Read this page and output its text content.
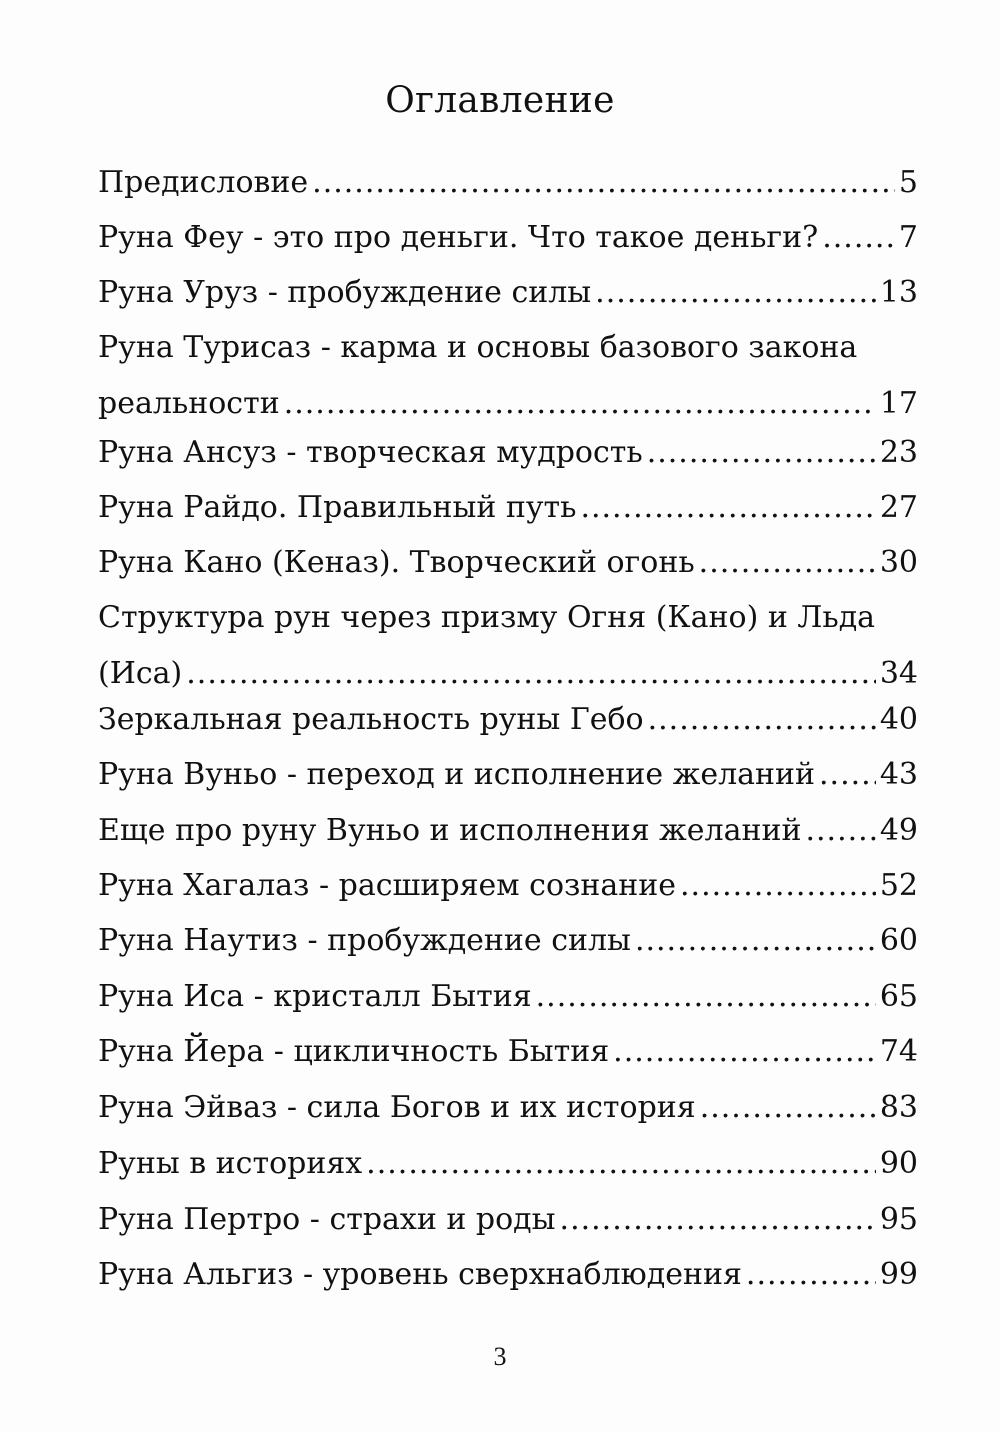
Оглавление
Предисловие .....	5
Руна Феу - это про деньги. Что такое деньги? .....	7
Руна Уруз - пробуждение силы .....	13
Руна Турисаз - карма и основы базового закона
реальности .....	17
Руна Ансуз - творческая мудрость .....	23
Руна Райдо. Правильный путь .....	27
Руна Кано (Кеназ). Творческий огонь .....	30
Структура рун через призму Огня (Кано) и Льда
(Иса) .....	34
Зеркальная реальность руны Гебо .....	40
Руна Вуньо - переход и исполнение желаний ..... 43
Еще про руну Вуньо и исполнения желаний .....	49
Руна Хагалаз - расширяем сознание .....	52
Руна Наутиз - пробуждение силы .....	60
Руна Иса - кристалл Бытия .....	65
Руна Йера - цикличность Бытия .....	74
Руна Эйваз - сила Богов и их история .....	83
Руны в историях .....	90
Руна Пертро - страхи и роды .....	95
Руна Альгиз - уровень сверхнаблюдения .....	99
3
